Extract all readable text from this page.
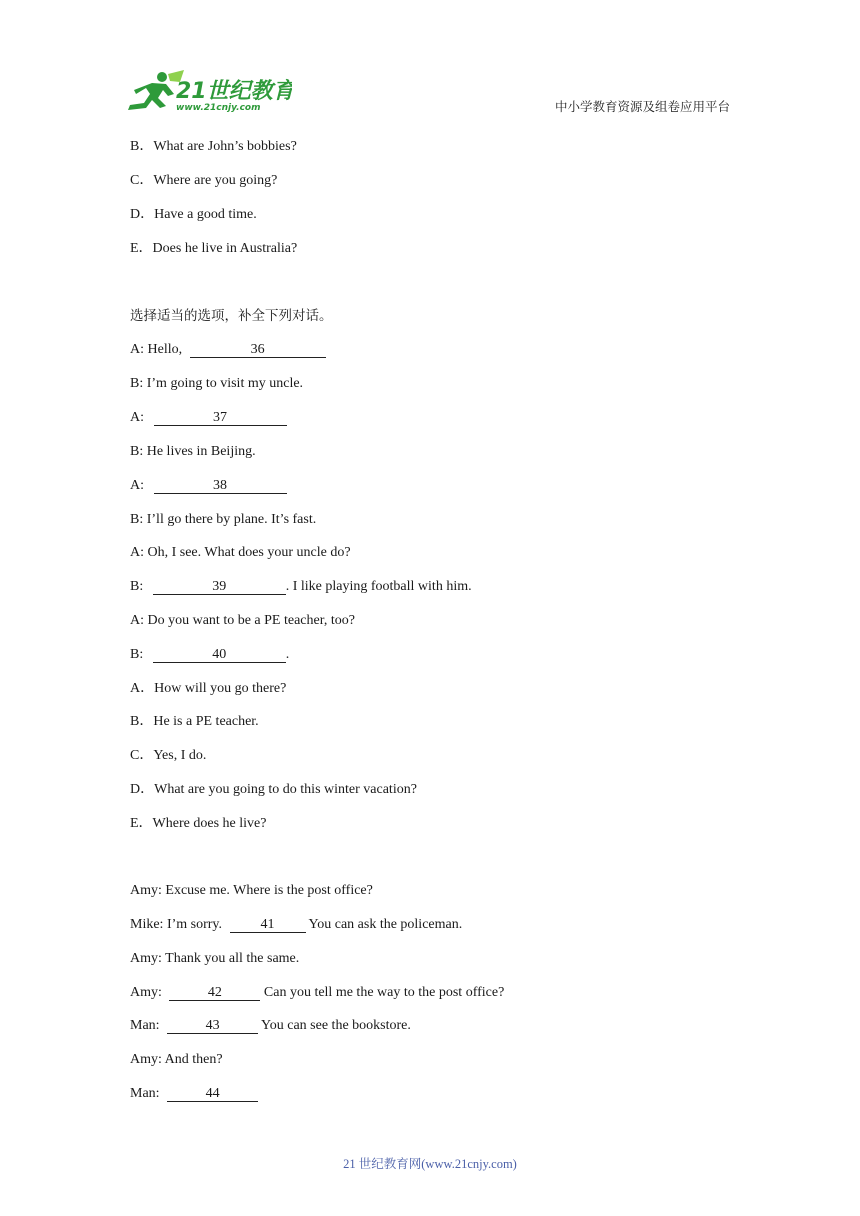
21世纪教育
www.21cnjy.com	中小学教育资源及组卷应用平台
B．What are John’s bobbies?
C．Where are you going?
D．Have a good time.
E．Does he live in Australia?
选择适当的选项，补全下列对话。
A: Hello,	36
B: I’m going to visit my uncle.
A:	37
B: He lives in Beijing.
A:	38
B: I’ll go there by plane. It’s fast.
A: Oh, I see. What does your uncle do?
B:	39	. I like playing football with him.
A: Do you want to be a PE teacher, too?
B:	40	.
A．How will you go there?
B．He is a PE teacher.
C．Yes, I do.
D．What are you going to do this winter vacation?
E．Where does he live?
Amy: Excuse me. Where is the post office?
Mike: I’m sorry.	41 You can ask the policeman.
Amy: Thank you all the same.
Amy:	42	Can you tell me the way to the post office?
Man:	43	You can see the bookstore.
Amy: And then?
Man:	44
21 世纪教育网(www.21cnjy.com)
